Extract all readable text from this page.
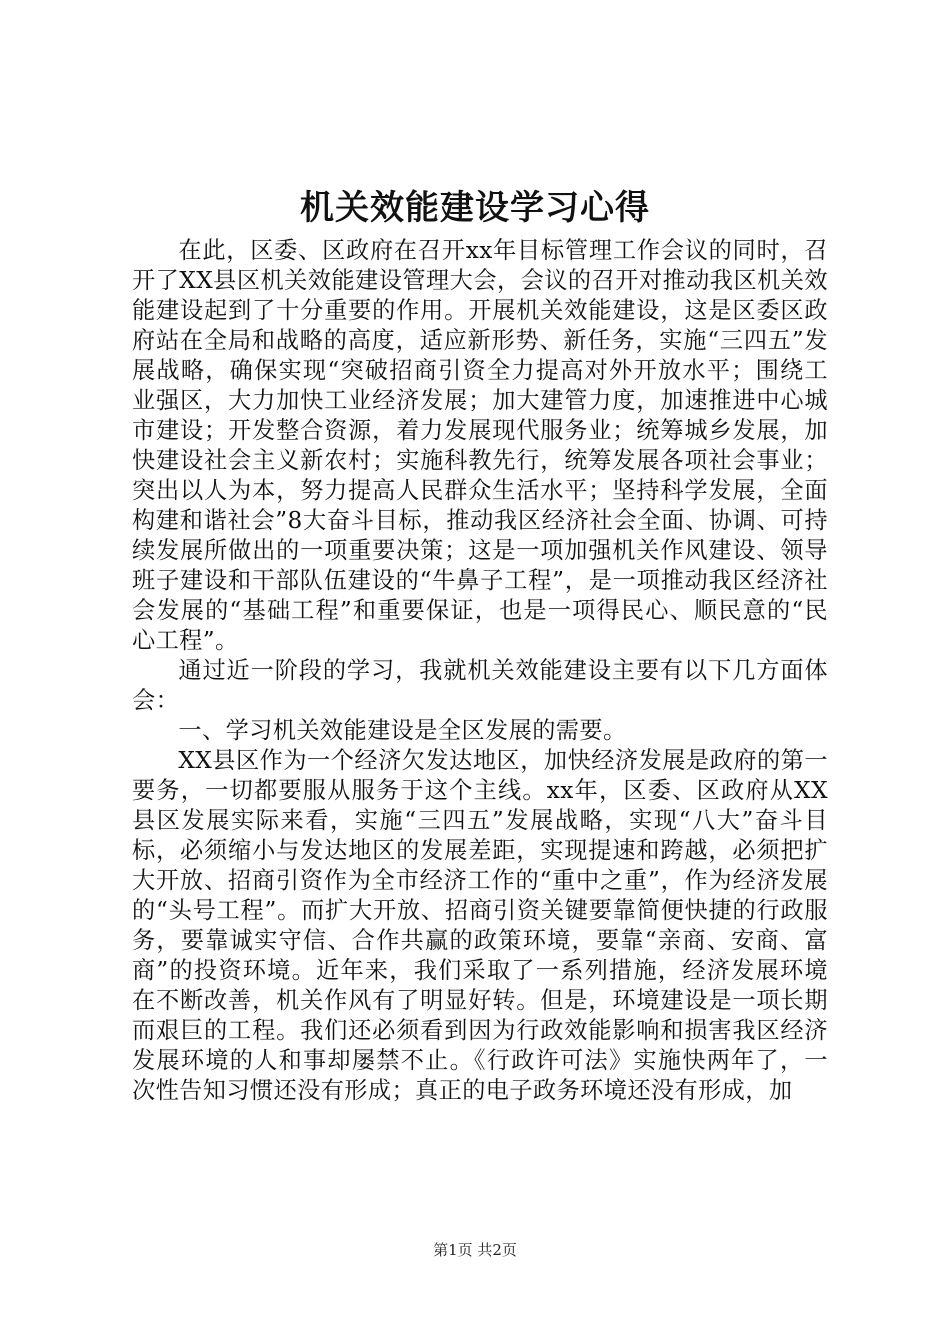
机关效能建设学习心得

在此，区委、区政府在召开xx年目标管理工作会议的同时，召开了XX县区机关效能建设管理大会，会议的召开对推动我区机关效能建设起到了十分重要的作用。开展机关效能建设，这是区委区政府站在全局和战略的高度，适应新形势、新任务，实施“三四五”发展战略，确保实现“突破招商引资全力提高对外开放水平；围绕工业强区，大力加快工业经济发展；加大建管力度，加速推进中心城市建设；开发整合资源，着力发展现代服务业；统筹城乡发展，加快建设社会主义新农村；实施科教先行，统筹发展各项社会事业；突出以人为本，努力提高人民群众生活水平；坚持科学发展，全面构建和谐社会”8大奋斗目标，推动我区经济社会全面、协调、可持续发展所做出的一项重要决策；这是一项加强机关作风建设、领导班子建设和干部队伍建设的“牛鼻子工程”，是一项推动我区经济社会发展的“基础工程”和重要保证，也是一项得民心、顺民意的“民心工程”。

通过近一阶段的学习，我就机关效能建设主要有以下几方面体会：

一、学习机关效能建设是全区发展的需要。

XX县区作为一个经济欠发达地区，加快经济发展是政府的第一要务，一切都要服从服务于这个主线。xx年，区委、区政府从XX县区发展实际来看，实施“三四五”发展战略，实现“八大”奋斗目标，必须缩小与发达地区的发展差距，实现提速和跨越，必须把扩大开放、招商引资作为全市经济工作的“重中之重”，作为经济发展的“头号工程”。而扩大开放、招商引资关键要靠简便快捷的行政服务，要靠诚实守信、合作共赢的政策环境，要靠“亲商、安商、富商”的投资环境。近年来，我们采取了一系列措施，经济发展环境在不断改善，机关作风有了明显好转。但是，环境建设是一项长期而艰巨的工程。我们还必须看到因为行政效能影响和损害我区经济发展环境的人和事却屡禁不止。《行政许可法》实施快两年了，一次性告知习惯还没有形成；真正的电子政务环境还没有形成，加

第1页 共2页
